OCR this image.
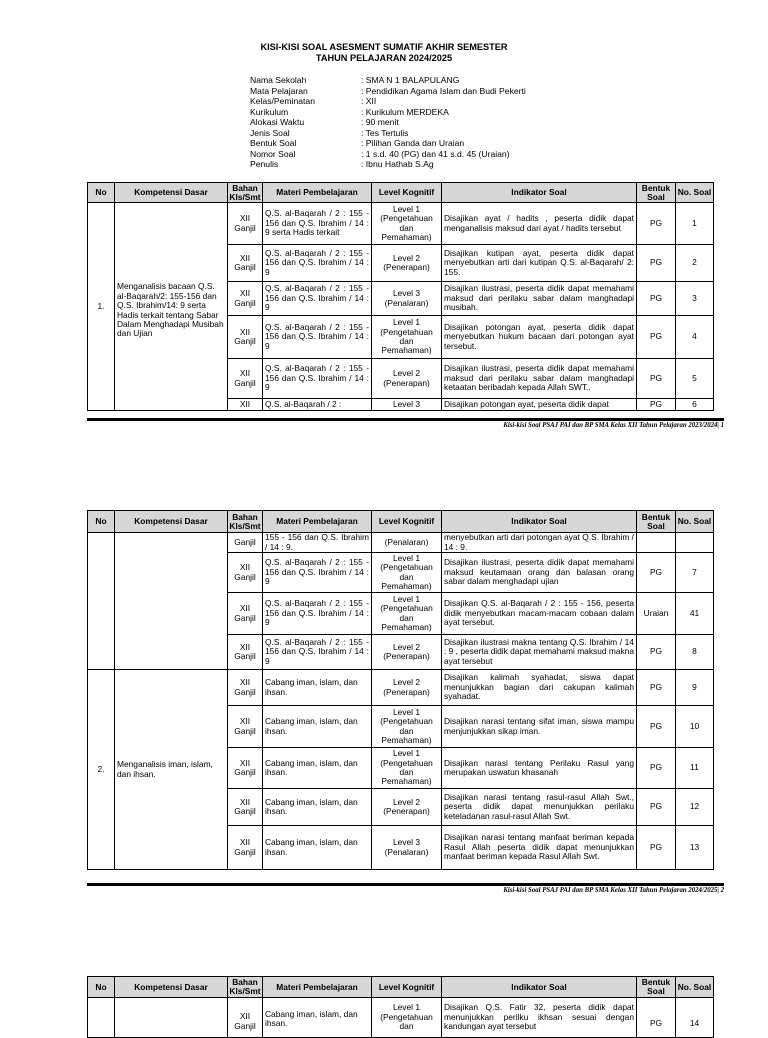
KISI-KISI SOAL ASESMENT SUMATIF AKHIR SEMESTER
TAHUN PELAJARAN 2024/2025
Nama Sekolah	: SMA N 1 BALAPULANG
Mata Pelajaran	: Pendidikan Agama Islam dan Budi Pekerti
Kelas/Peminatan	: XII
Kurikulum	: Kurikulum MERDEKA
Alokasi Waktu	: 90 menit
Jenis Soal	: Tes Tertulis
Bentuk Soal	: Pilihan Ganda dan Uraian
Nomor Soal	: 1 s.d. 40 (PG) dan 41 s.d. 45 (Uraian)
Penulis	: Ibnu Hathab S.Ag
No	Kompetensi Dasar	Bahan Kls/Smt	Materi Pembelajaran	Level Kognitif	Indikator Soal	Bentuk Soal	No. Soal
1.	Menganalisis bacaan Q.S. al-Baqarah/2: 155-156 dan Q.S. Ibrahim/14: 9 serta Hadis terkait tentang Sabar Dalam Menghadapi Musibah dan Ujian	XII Ganjil	Q.S. al-Baqarah / 2 : 155 - 156 dan Q.S. Ibrahim / 14 : 9 serta Hadis terkait	Level 1 (Pengetahuan dan Pemahaman)	Disajikan ayat / hadits , peserta didik dapat menganalisis maksud dari ayat / hadits tersebut	PG	1
		XII Ganjil	Q.S. al-Baqarah / 2 : 155 - 156 dan Q.S. Ibrahim / 14 : 9	Level 2 (Penerapan)	Disajikan kutipan ayat, peserta didik dapat menyebutkan arti dari kutipan Q.S. al-Baqarah/ 2: 155.	PG	2
		XII Ganjil	Q.S. al-Baqarah / 2 : 155 - 156 dan Q.S. Ibrahim / 14 : 9	Level 3 (Penalaran)	Disajikan ilustrasi, peserta didik dapat memahami maksud dari perilaku sabar dalam manghadapi musibah.	PG	3
		XII Ganjil	Q.S. al-Baqarah / 2 : 155 - 156 dan Q.S. Ibrahim / 14 : 9	Level 1 (Pengetahuan dan Pemahaman)	Disajikan potongan ayat, peserta didik dapat menyebutkan hukum bacaan dari potongan ayat tersebut.	PG	4
		XII Ganjil	Q.S. al-Baqarah / 2 : 155 - 156 dan Q.S. Ibrahim / 14 : 9	Level 2 (Penerapan)	Disajikan ilustrasi, peserta didik dapat memahami maksud dari perilaku sabar dalam manghadapi ketaatan beribadah kepada Allah SWT..	PG	5
		XII	Q.S. al-Baqarah / 2 :	Level 3	Disajikan potongan ayat, peserta didik dapat	PG	6
Kisi-kisi Soal PSAJ PAI dan BP SMA Kelas XII Tahun Pelajaran 2023/2024| 1
No	Kompetensi Dasar	Bahan Kls/Smt	Materi Pembelajaran	Level Kognitif	Indikator Soal	Bentuk Soal	No. Soal
		Ganjil	155 - 156 dan Q.S. Ibrahim / 14 : 9.	(Penalaran)	menyebutkan arti dari potongan ayat Q.S. Ibrahim / 14 : 9.		
		XII Ganjil	Q.S. al-Baqarah / 2 : 155 - 156 dan Q.S. Ibrahim / 14 : 9	Level 1 (Pengetahuan dan Pemahaman)	Disajikan ilustrasi, peserta didik dapat memahami maksud keutamaan orang dan balasan orang sabar dalam menghadapi ujian	PG	7
		XII Ganjil	Q.S. al-Baqarah / 2 : 155 - 156 dan Q.S. Ibrahim / 14 : 9	Level 1 (Pengetahuan dan Pemahaman)	Disajikan Q.S. al-Baqarah / 2 : 155 - 156, peserta didik menyebutkan macam-macam cobaan dalam ayat tersebut.	Uraian	41
		XII Ganjil	Q.S. al-Baqarah / 2 : 155 - 156 dan Q.S. Ibrahim / 14 : 9	Level 2 (Penerapan)	Disajikan ilustrasi makna tentang Q.S. Ibrahim / 14 : 9 , peserta didik dapat memahami maksud makna ayat tersebut	PG	8
2.	Menganalisis iman, islam, dan ihsan.	XII Ganjil	Cabang iman, islam, dan ihsan.	Level 2 (Penerapan)	Disajikan kalimah syahadat, siswa dapat menunjukkan bagian dari cakupan kalimah syahadat.	PG	9
		XII Ganjil	Cabang iman, islam, dan ihsan.	Level 1 (Pengetahuan dan Pemahaman)	Disajikan narasi tentang sifat iman, siswa mampu menjunjukkan sikap iman.	PG	10
		XII Ganjil	Cabang iman, islam, dan ihsan.	Level 1 (Pengetahuan dan Pemahaman)	Disajikan narasi tentang Perilaku Rasul yang merupakan uswatun khasanah	PG	11
		XII Ganjil	Cabang iman, islam, dan ihsan.	Level 2 (Penerapan)	Disajikan narasi tentang rasul-rasul Allah Swt., peserta didik dapat menunjukkan perilaku keteladanan rasul-rasul Allah Swt.	PG	12
		XII Ganjil	Cabang iman, islam, dan ihsan.	Level 3 (Penalaran)	Disajikan narasi tentang manfaat beriman kepada Rasul Allah peserta didik dapat menunjukkan manfaat beriman kepada Rasul Allah Swt.	PG	13
Kisi-kisi Soal PSAJ PAI dan BP SMA Kelas XII Tahun Pelajaran 2024/2025| 2
No	Kompetensi Dasar	Bahan Kls/Smt	Materi Pembelajaran	Level Kognitif	Indikator Soal	Bentuk Soal	No. Soal
		XII Ganjil	Cabang iman, islam, dan ihsan.	Level 1 (Pengetahuan dan	Disajikan Q.S. Fatir 32, peserta didik dapat menunjukkan perilku ikhsan sesuai dengan kandungan ayat tersebut	PG	14
